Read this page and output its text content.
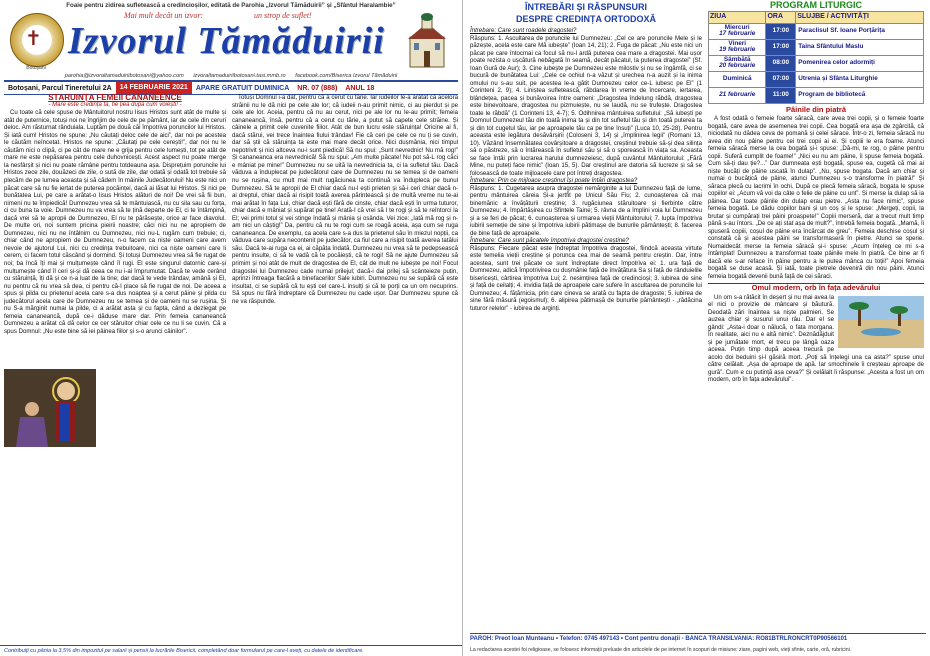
Foaie pentru zidirea sufletească a credincioșilor, editată de Parohia „Izvorul Tămăduirii” și „Sfântul Haralambie”
✝
Botoșani
Mai mult decât un izvor:	un strop de suflet!
Izvorul Tămăduirii
parohia@izvoraltamaduiriibotosani@yahoo.com izvoraltamaduiriibotosani.tasi.mmb.ro facebook.com/Biserica Izvorul Tămăduirii
Botoșani, Parcul Tineretului 2A	14 FEBRUARIE 2021	APARE GRATUIT DUMINICA	NR. 07 (888)	ANUL 18
STĂRUINȚA FEMEII CANANEENCE
- Mare este credința ta, fie țieă după cum voiești! -

Cu toate că cele spuse de Mântuitorul nostru Iisus Hristos sunt atât de multe și atât de puternice, totuși noi ne îngrijim de cele de pe pământ, iar de cele din ceruri deloc. Am răsturnat rânduiala. Luptăm pe două căi împotriva poruncilor lui Hristos. Și iată cum! Hristos ne spune: „Nu căutați deloc cele de aici”, dar noi pe acestea le căutăm neîncetat. Hristos ne spune: „Căutați pe cele cerești!”, dar noi nu le căutăm nici o clipă, ci pe cât de mare ne e grija pentru cele lumești, tot pe atât de mare ne este nepăsarea pentru cele duhovnicești. Acest aspect nu poate merge la nesfârșit și nici nu poate rămâne pentru totdeauna așa. Disprețuim poruncile lui Hristos zece zile, douăzeci de zile, o sută de zile, dar odată și odată tot trebuie să plecăm de pe lumea aceasta și să cădem în mâinile Judecătorului! Nu este nici un păcat care să nu fie iertat de puterea pocăinței, dacă ai lăsat lui Hristos. Și nici pe bunătatea Lui, pe care a arătat-o Iisus Hristos alături de noi! De vrei să fii bun, nimeni nu te împiedică! Dumnezeu vrea să te mântuiască, nu cu sila sau cu forța, ci cu buna ta voie. Dumnezeu nu va vrea să te țină departe de El, ci te întâmpină, dacă vrei să te apropii de Dumnezeu, El nu te părăsește, orice ar face diavolul. De multe ori, noi suntem pricina pieirii noastre; căci nici nu ne apropiem de Dumnezeu, nici nu ne întâlnim cu Dumnezeu, nici nu-L rugăm cum trebuie; ci, chiar când ne apropiem de Dumnezeu, n-o facem ca niște oameni care avem nevoie de ajutorul Lui, nici cu credința trebuitoare, nici ca niște oameni care li cerem, ci facem totul căscând și dormind. Și totuși Dumnezeu vrea să fie rugat de noi; ba încă îți mai și mulțumește când îl rugi. El este singurul datornic care-și mulțumește când îl ceri și-și dă ceea ce nu i-ai împrumutat. Dacă te vede cerând cu stăruință, îți dă și ce n-a luat de la tine; dar dacă te vede trândav, amână și El, nu pentru că nu vrea să dea, ci pentru că-I place să fie rugat de noi. De aceea a spus și pilda cu prietenul acela care s-a dus noaptea și a cerut pâine și pilda cu judecătorul acela care de Dumnezeu nu se temea și de oameni nu se rușina. Și nu S-a mărginit numai la pilde, ci a arătat asta și cu fapta, când a dezlegat pe femeia cananeancă, după ce-i dăduse mare dar. Prin femeia cananeancă Dumnezeu a arătat că dă celor ce cer stăruitor chiar cele ce nu li se cuvin. Că a spus Domnul: „Nu este bine să iei pâinea fiilor și s-o arunci câinilor”.

Totuși Domnul i-a dat, pentru că a cerut cu tărie. Iar iudeilor le-a arătat că acelora străinii nu le dă nici pe cele ale lor; că iudeii n-au primit nimic, ci au pierdut și pe cele ale lor. Aceia, pentru că nu au cerut, nici pe ale lor nu le-au primit; femeia cananeancă, însă, pentru că a cerut cu tărie, a putut să capete cele străine. Și câinele a primit cele cuvenite fiilor. Atât de bun lucru este stăruința! Oricine ai fi, dacă stărui, vei trece înaintea fiului trândav! Fie că ceri pe cele ce nu ți se cuvin, dar să știi că stăruința ta este mai mare decât orice. Nici dușmănia, nici timpul nepotrivit și nici altceva nu-i sunt piedică! Să nu spui: „Sunt nevrednic! Nu mă rog!” Și cananeanca era nevrednică! Să nu spui: „Am multe păcate! Nu pot să-L rog căci e mâniat pe mine!” Dumnezeu nu se uită la nevrednicia ta, ci la sufletul tău. Dacă văduva a înduplecat pe judecătorul care de Dumnezeu nu se temea și de oameni nu se rușina, cu mult mai mult rugăciunea ta continuă va îndupleca pe bunul Dumnezeu. Să te apropii de El chiar dacă nu-l ești prieten și să-i ceri chiar dacă n-ai dreptul, chiar dacă ai risipit toată averea părintească și de multă vreme nu te-ai mai arătat în fața Lui, chiar dacă ești fără de cinste, chiar dacă ești în urma tuturor, chiar dacă e mâniat și supărat pe tine! Arată-I că vrei să I te rogi și să te reîntorci la El; vei primi totul și vei stinge îndată și mânia și osânda. Vei zice: „Iată mă rog și n-am nici un câștig!” Da, pentru că nu te rogi cum se roagă aceia, așa cum se ruga cananeanca. De exemplu, ca acela care s-a dus la prietenul său în miezul nopții, ca văduva care supăra necontenit pe judecător, ca fiul care a risipit toată averea tatălui său. Dacă te-ai ruga ca ei, ai căpăta îndată. Dumnezeu nu vrea să te pedepsească pentru insulte, ci să te vadă că te pocăiești, că te rogi! Să ne ajute Dumnezeu să primim și noi atât de mult de dragostea de El, cât de mult ne iubește pe noi! Focul dragostei lui Dumnezeu cade numai prilejul; dacă-i dai prilej să scânteieze puțin, aprinzi întreaga flacără a binefacerilor Sale iubiri. Dumnezeu nu se supără că este insultat, ci se supără că tu ești cel care-L insulți și că te porți ca un om necuprins. Să spus nu fără îndreptare că Dumnezeu nu cade ușor. Dar Dumnezeu spune că ne va răspunde.

Contribuiți cu pânia la 3,5% din impozitul pe salarii și pensii la lucrările Bisericii, completând doar formularul pe care-l aveți, cu datele de identificare.
ÎNTREBĂRI ȘI RĂSPUNSURI
DESPRE CREDINȚA ORTODOXĂ
Întrebare: Care sunt roadele dragostei?

Răspuns: 1. Ascultarea de poruncile lui Dumnezeu: „Cel ce are poruncile Mele și le păzește, acela este care Mă iubește” (Ioan 14, 21); 2. Fuga de păcat: „Nu este nici un păcat pe care întocmai ca focul să nu-l ardă puterea cea mare a dragostei. Mai ușor poate rezista o ușcătură nebăgată în seamă, decât păcatul, la puterea dragostei” (Sf. Ioan Gură de Aur); 3. Cine iubește pe Dumnezeu este milostiv și nu se îngâmfă, ci se bucură de bunătatea Lui: „Cele ce ochiul n-a văzut și urechea n-a auzit și la inima omului nu s-au suit, pe acestea le-a gătit Dumnezeu celor ce-L iubesc pe El” (1 Corinteni 2, 9); 4. Liniștea sufletească, răbdarea în vreme de încercare, iertarea, blândețea, pacea și bunăvoirea între oameni: „Dragostea îndelung răbdă, dragostea este binevoitoare, dragostea nu pizmuiește, nu se laudă, nu se trufește. Dragostea toate le răbdă” (1 Corinteni 13, 4-7); 5. Odihnirea mântuirea sufletului: „Să iubești pe Domnul Dumnezeul tău din toată inima ta și din tot sufletul tău și din toată puterea ta și din tot cugetul tău, iar pe aproapele tău ca pe tine însuți” (Luca 10, 25-28). Pentru aceasta este legătura desăvârșirii (Coloseni 3, 14) și „împlinirea legii” (Romani 13, 10). Văzând însemnătatea covârșitoare a dragostei, creștinul trebuie să-și dea silința să o păstreze, să o întărească în sufletul său și să o sporească în viața sa. Aceasta se face întâi prin lucrarea harului dumnezeiesc, după cuvântul Mântuitorului: „Fără Mine, nu puteți face nimic” (Ioan 15, 5). Dar creștinul are datoria să lucreze și să se folosească de toate mijloacele care pot întreți dragostea.

Întrebare: Prin ce mijloace creștinul își poate întări dragostea?

Răspuns: 1. Cugetarea asupra dragostei nemărginite a lui Dumnezeu față de lume, pentru mântuirea căreia Și-a jertfit pe Unicul Său Fiu; 2. cunoașterea că mai binemănic a învățăturii creștine; 3. rugăciunea stăruitoare și fierbinte către Dumnezeu; 4. împărtășirea cu Sfintele Taine; 5. râvna de a împlini voia lui Dumnezeu și a se feri de păcat; 6. cunoașterea și urmarea vieții Mântuitorului; 7. lupta împotriva iubirii semeție de sine și împotriva iubirii pătimașe de bunurile pământești; 8. facerea de bine față de aproapele.

Întrebare: Care sunt păcatele împotriva dragostei creștine?

Răspuns: Fiecare păcat este îndreptat împotriva dragostei, fiindcă aceasta virtute este temelia vieții creștine și porunca cea mai de seamă pentru creștin. Dar, între acestea, sunt trei păcate ce sunt îndreptate direct împotriva ei: 1. ura față de Dumnezeu, adică împotrivirea cu dușmănie față de învățătura Sa și față de rânduielile bisericești, cârtirea împotriva Lui; 2. nesimțirea față de credincioși; 3. iubirea de sine și față de ceilalți; 4. invidia față de aproapele care sufere în ascultarea de poruncile lui Dumnezeu; 4. fățărnicia, prin care cineva se arată cu fapta de dragoste; 5. iubirea de sine fără măsură (egoismul); 6. alipirea pătimașă de bunurile pământești - „rădăcina tuturor relelor” - iubirea de arginți.

PROGRAM LITURGIC
ZIUA	ORA	SLUJBE / ACTIVITĂȚI
Miercuri
17 februarie	17:00	Paraclisul Sf. Ioane Porțărița
Vineri
19 februarie	17:00	Taina Sfântului Maslu
Sâmbătă
20 februarie	08:00	Pomenirea celor adormiți
Duminică	07:00	Utrenia și Sfânta Liturghie
21 februarie	11:00	Program de bibliotecă
Pâinile din piatră

A fost odată o femeie foarte săracă, care avea trei copii, și o femeie foarte bogată, care avea de asemenea trei copii. Cea bogată era așa de zgârcită, că niciodată nu dădea ceva de pomană și celei sărace. Într-o zi, femeia săracă nu avea din nou pâine pentru cei trei copii ai ei. Și copiii le era foame. Atunci femeia săracă merse la cea bogată și-i spuse: „Dă-mi, te rog, o pâine pentru copii. Suferă cumplit de foame!” „Nici eu nu am pâine, îi spuse femeia bogată. Cum să-ți dau ție?...” Dar dumneata ești bogată, spuse ea, cugetă că mai ai niște bucăți de pâine uscată în dulap”. „Nu, spuse bogata. Dacă am chiar și numai o bucățică de pâine, atunci Dumnezeu s-o transforme în piatră!” Și săraca plecă cu lacrimi în ochi. După ce plecă femeia săracă, bogata le spuse copiilor ei: „Acum vă voi da câte o felie de pâine cu unt”. Și merse la dulap să ia pâinea. Dar toate pâinile din dulap erau pietre. „Asta nu face nimic”, spuse femeia bogată. Le dădu copiilor bani și un coș și le spuse: „Mergeți, copii, la brutar și cumpărați trei pâini proaspete!” Copiii merseră, dar a trecut mult timp până s-au întors. „De ce ați stat așa de mult?”, întrebă femeia bogată. „Mamă, îi spuseră copiii, coșul de pâine era încărcat de greu”. Femeia deschise coșul și constată că și acestea pâini se transformaseră în pietre. Atunci se sperie. Numaidecât merse la femeia săracă și-i spuse: „Acum înțeleg ce mi s-a întâmplat! Dumnezeu a transformat toate pâinile mele în piatră. Ce bine ar fi dacă ele s-ar reface în pâine pentru a le putea mânca cu toții!” Apoi femeia bogată se duse acasă. Și iată, toate pietrele deveniră din nou pâini. Atunci femeia bogată devenii bună față de cei săraci.

Omul modern, orb în fața adevărului

Un om s-a rătăcit în deșert și nu mai avea la el nici o provizie de mâncare și băutură. Deodată zări înaintea sa niște palmieri. Se auzea chiar și susurul unui râu. Dar el se gândi: „Asta-i doar o nălucă, o fata morgana. În realitate, aici nu e altă nimic”. Deznădăjduit și pe jumătate mort, el trecu pe lângă oaza aceea. Puțin timp după aceea trecură pe acolo doi beduini și-l găsiră mort. „Poți să înțelegi una ca asta?” spuse unul către celălalt. „Așa de aproape de apă. Iar smochinele îi creșteau aproape de gură”. Cum e cu putință așa ceva?” Și celălalt îi răspunse: „Acesta a fost un om modern, orb în fața adevărului”.

PAROH: Preot Ioan Munteanu • Telefon: 0745 497143 • Cont pentru donații - BANCA TRANSILVANIA: RO81BTRLRONCRT0P90566101
La redactarea acestei foi religioase, se folosesc informații preluate din articolele de pe internet în scopuri de misiune: ziare, pagini web, vieți sfinte, carte, oră, rubricini.
